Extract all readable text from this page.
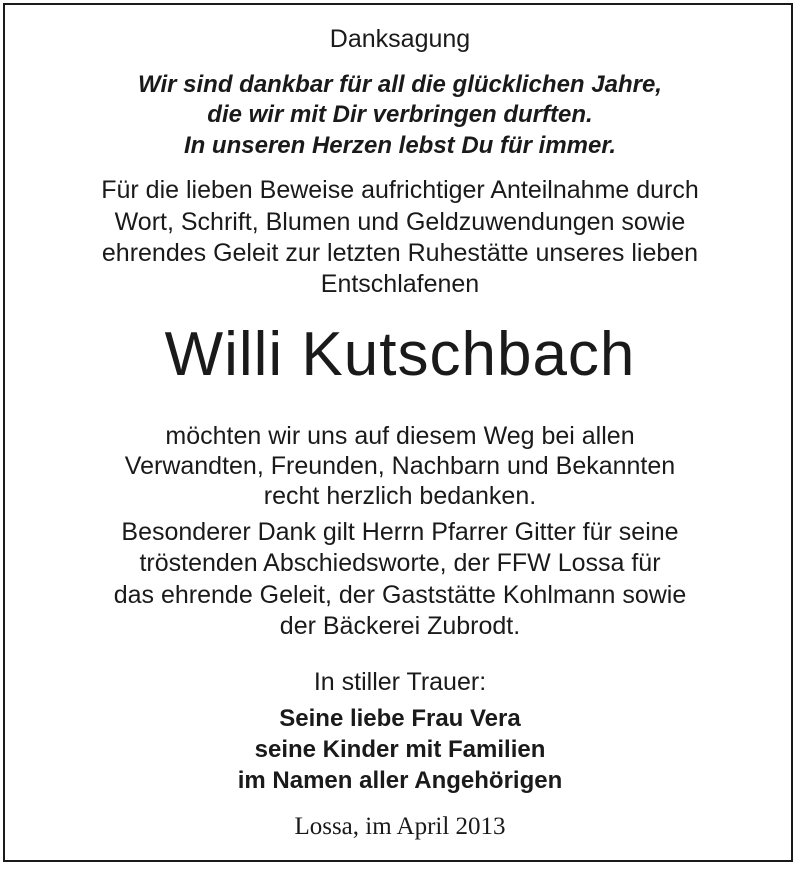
Danksagung
Wir sind dankbar für all die glücklichen Jahre,
die wir mit Dir verbringen durften.
In unseren Herzen lebst Du für immer.
Für die lieben Beweise aufrichtiger Anteilnahme durch
Wort, Schrift, Blumen und Geldzuwendungen sowie
ehrendes Geleit zur letzten Ruhestätte unseres lieben
Entschlafenen
Willi Kutschbach
möchten wir uns auf diesem Weg bei allen
Verwandten, Freunden, Nachbarn und Bekannten
recht herzlich bedanken.
Besonderer Dank gilt Herrn Pfarrer Gitter für seine
tröstenden Abschiedsworte, der FFW Lossa für
das ehrende Geleit, der Gaststätte Kohlmann sowie
der Bäckerei Zubrodt.
In stiller Trauer:
Seine liebe Frau Vera
seine Kinder mit Familien
im Namen aller Angehörigen
Lossa, im April 2013
